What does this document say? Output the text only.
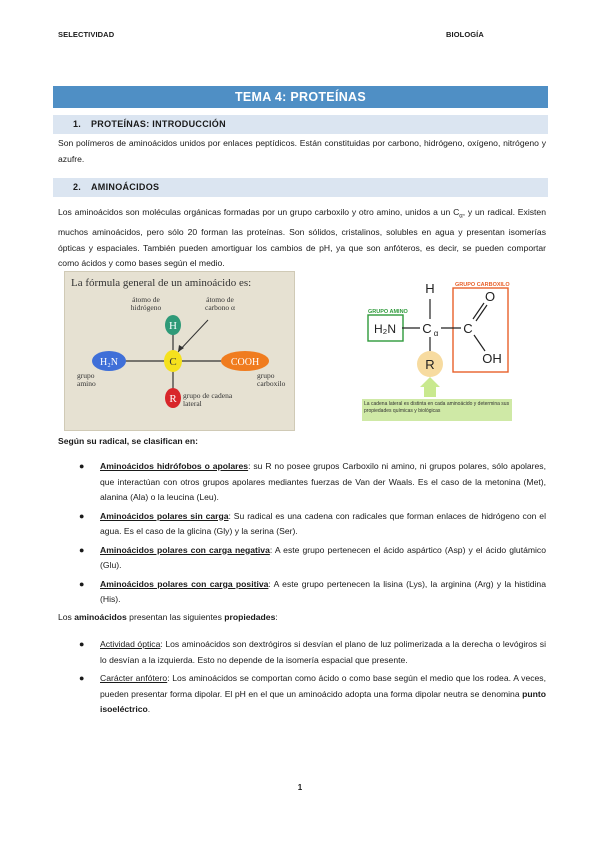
SELECTIVIDAD	BIOLOGÍA
TEMA 4: PROTEÍNAS
1. PROTEÍNAS: INTRODUCCIÓN
Son polímeros de aminoácidos unidos por enlaces peptídicos. Están constituidas por carbono, hidrógeno, oxígeno, nitrógeno y azufre.
2. AMINOÁCIDOS
Los aminoácidos son moléculas orgánicas formadas por un grupo carboxilo y otro amino, unidos a un $C_\alpha$, y un radical. Existen muchos aminoácidos, pero sólo 20 forman las proteínas. Son sólidos, cristalinos, solubles en agua y presentan isomerías ópticas y espaciales. También pueden amortiguar los cambios de pH, ya que son anfóteros, es decir, se pueden comportar como ácidos y como bases según el medio.
La fórmula general de un aminoácido es:
H
C
R
H₂N	COOH
átomo de hidrógeno
átomo de carbono α
grupo amino
grupo carboxilo
grupo de cadena lateral
GRUPO AMINO
GRUPO CARBOXILO
H₂N
H
C α C
O
OH
R
La cadena lateral es distinta en cada aminoácido y determina sus propiedades químicas y biológicas
Según su radical, se clasifican en:
● Aminoácidos hidrófobos o apolares: su R no posee grupos Carboxilo ni amino, ni grupos polares, sólo apolares, que interactúan con otros grupos apolares mediantes fuerzas de Van der Waals. Es el caso de la metonina (Met), alanina (Ala) o la leucina (Leu).
● Aminoácidos polares sin carga: Su radical es una cadena con radicales que forman enlaces de hidrógeno con el agua. Es el caso de la glicina (Gly) y la serina (Ser).
● Aminoácidos polares con carga negativa: A este grupo pertenecen el ácido aspártico (Asp) y el ácido glutámico (Glu).
● Aminoácidos polares con carga positiva: A este grupo pertenecen la lisina (Lys), la arginina (Arg) y la histidina (His).
Los aminoácidos presentan las siguientes propiedades:
● Actividad óptica: Los aminoácidos son dextrógiros si desvían el plano de luz polimerizada a la derecha o levógiros si lo desvían a la izquierda. Esto no depende de la isomería espacial que presente.
● Carácter anfótero: Los aminoácidos se comportan como ácido o como base según el medio que los rodea. A veces, pueden presentar forma dipolar. El pH en el que un aminoácido adopta una forma dipolar neutra se denomina punto isoeléctrico.
1
